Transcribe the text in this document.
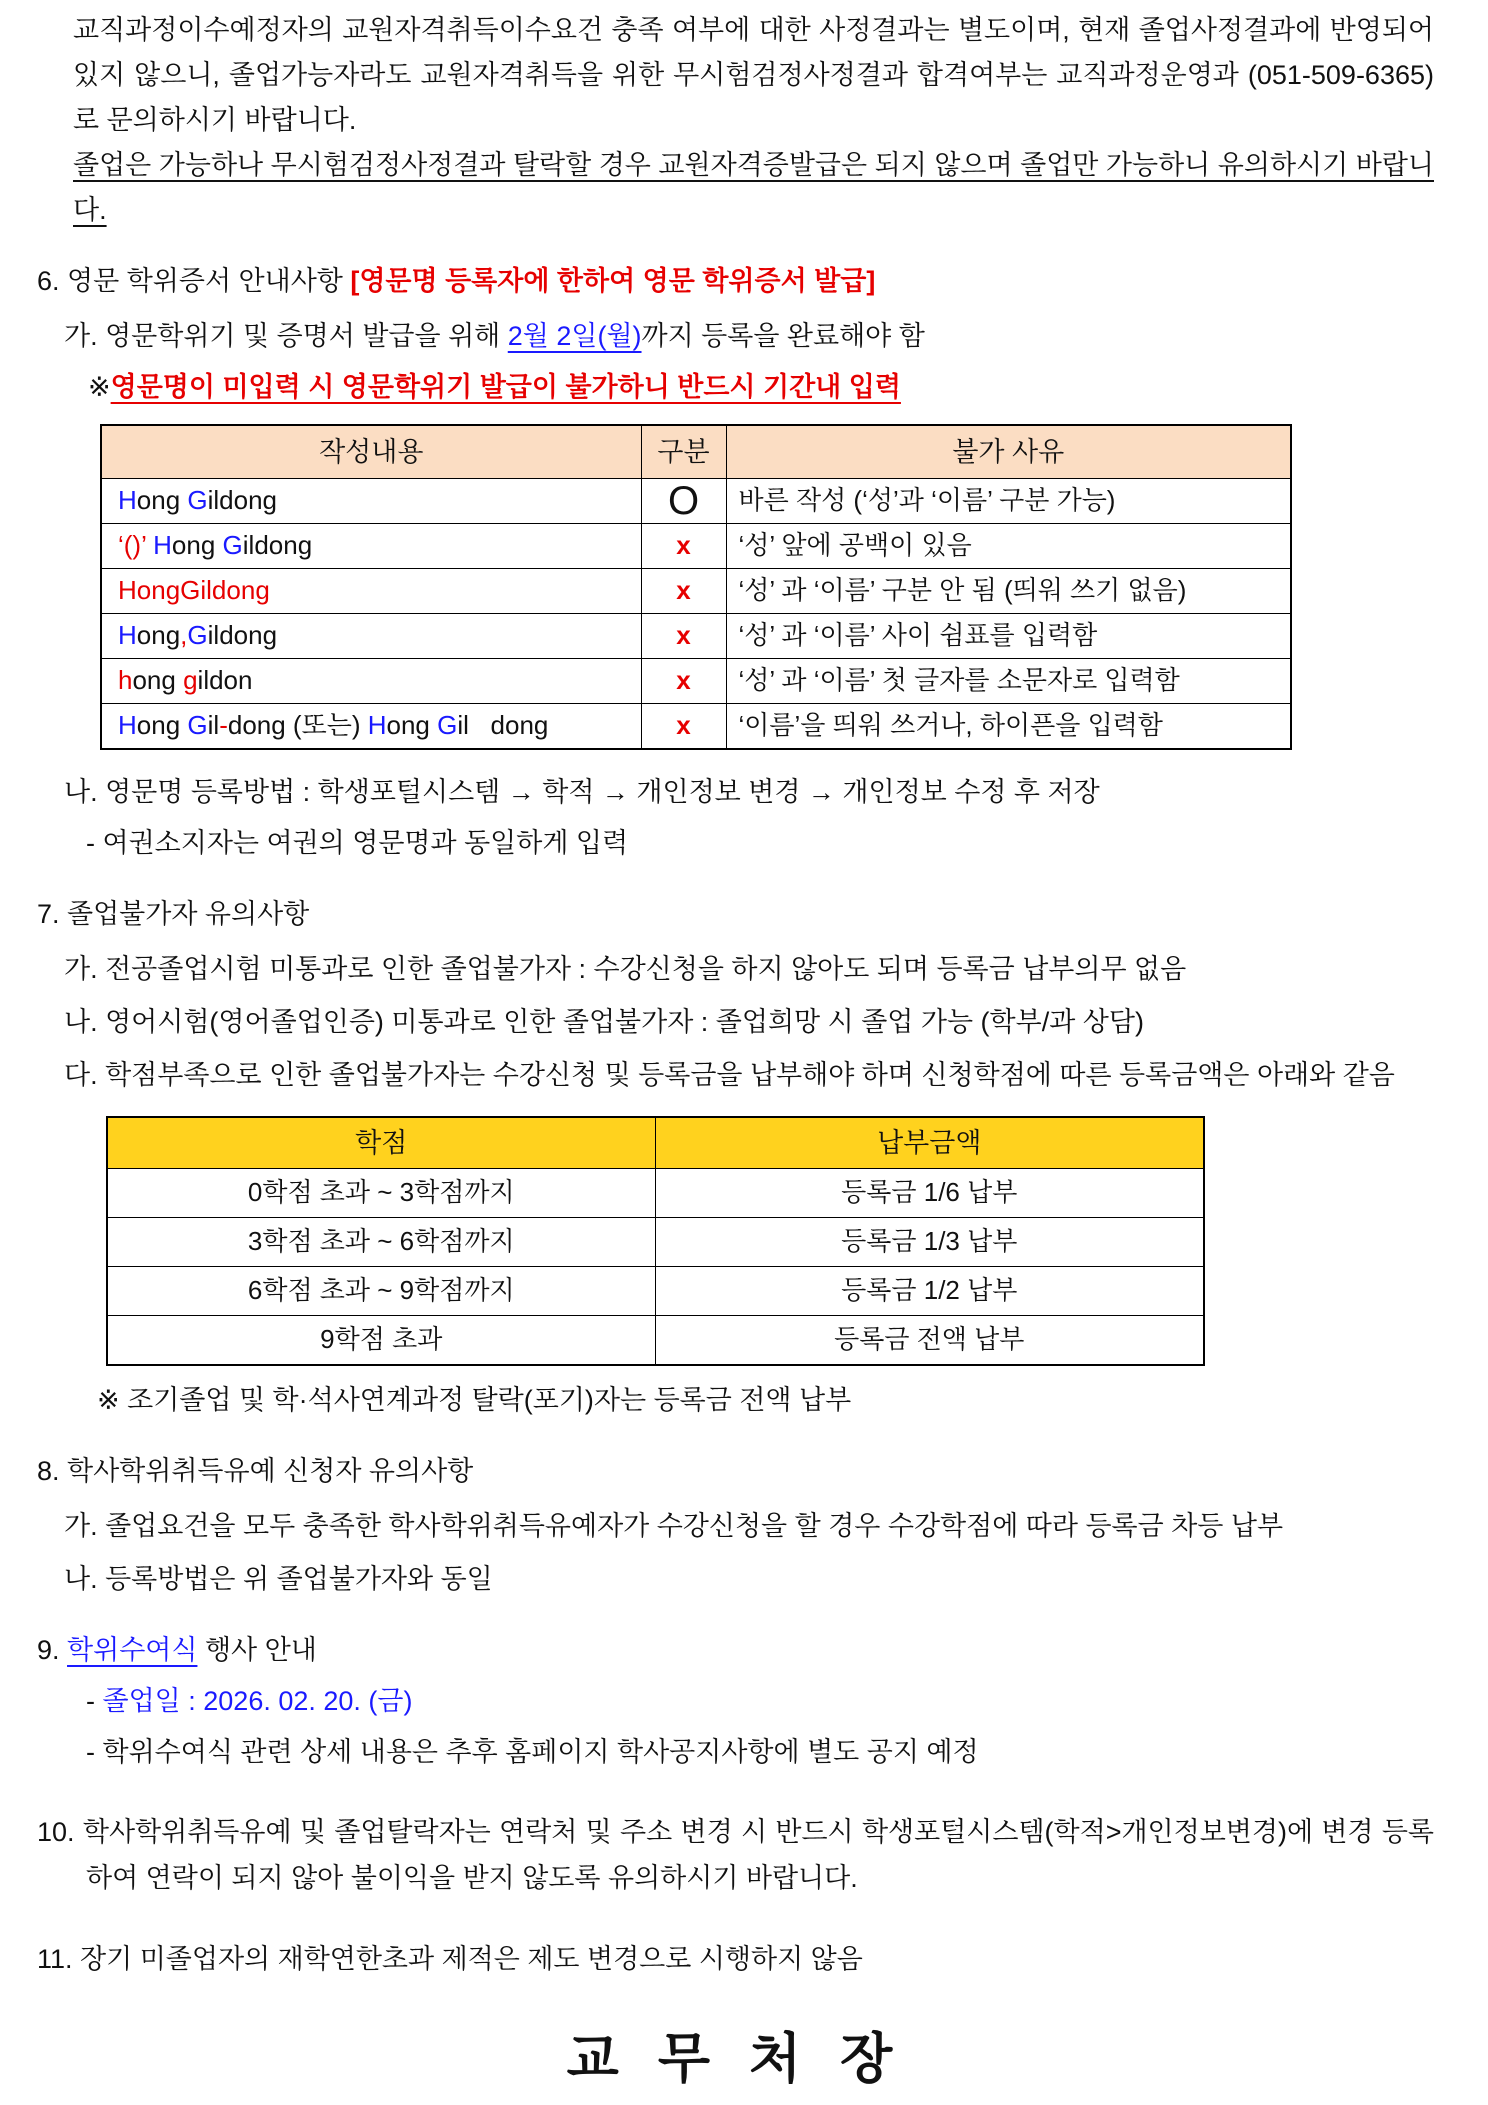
교직과정이수예정자의 교원자격취득이수요건 충족 여부에 대한 사정결과는 별도이며, 현재 졸업사정결과에 반영되어 있지 않으니, 졸업가능자라도 교원자격취득을 위한 무시험검정사정결과 합격여부는 교직과정운영과 (051-509-6365)로 문의하시기 바랍니다.
졸업은 가능하나 무시험검정사정결과 탈락할 경우 교원자격증발급은 되지 않으며 졸업만 가능하니 유의하시기 바랍니다.
6. 영문 학위증서 안내사항 [영문명 등록자에 한하여 영문 학위증서 발급]
가. 영문학위기 및 증명서 발급을 위해 2월 2일(월)까지 등록을 완료해야 함
※영문명이 미입력 시 영문학위기 발급이 불가하니 반드시 기간내 입력
작성내용	구분	불가 사유
Hong Gildong	O	바른 작성 (‘성’과 ‘이름’ 구분 가능)
‘()’ Hong Gildong	x	‘성’ 앞에 공백이 있음
HongGildong	x	‘성’ 과 ‘이름’ 구분 안 됨 (띄워 쓰기 없음)
Hong,Gildong	x	‘성’ 과 ‘이름’ 사이 쉼표를 입력함
hong gildon	x	‘성’ 과 ‘이름’ 첫 글자를 소문자로 입력함
Hong Gil-dong (또는) Hong Gil   dong	x	‘이름’을 띄워 쓰거나, 하이픈을 입력함
나. 영문명 등록방법 : 학생포털시스템 → 학적 → 개인정보 변경 → 개인정보 수정 후 저장
- 여권소지자는 여권의 영문명과 동일하게 입력
7. 졸업불가자 유의사항
가. 전공졸업시험 미통과로 인한 졸업불가자 : 수강신청을 하지 않아도 되며 등록금 납부의무 없음
나. 영어시험(영어졸업인증) 미통과로 인한 졸업불가자 : 졸업희망 시 졸업 가능 (학부/과 상담)
다. 학점부족으로 인한 졸업불가자는 수강신청 및 등록금을 납부해야 하며 신청학점에 따른 등록금액은 아래와 같음
학점	납부금액
0학점 초과 ~ 3학점까지	등록금 1/6 납부
3학점 초과 ~ 6학점까지	등록금 1/3 납부
6학점 초과 ~ 9학점까지	등록금 1/2 납부
9학점 초과	등록금 전액 납부
※ 조기졸업 및 학·석사연계과정 탈락(포기)자는 등록금 전액 납부
8. 학사학위취득유예 신청자 유의사항
가. 졸업요건을 모두 충족한 학사학위취득유예자가 수강신청을 할 경우 수강학점에 따라 등록금 차등 납부
나. 등록방법은 위 졸업불가자와 동일
9. 학위수여식 행사 안내
- 졸업일 : 2026. 02. 20. (금)
- 학위수여식 관련 상세 내용은 추후 홈페이지 학사공지사항에 별도 공지 예정
10. 학사학위취득유예 및 졸업탈락자는 연락처 및 주소 변경 시 반드시 학생포털시스템(학적>개인정보변경)에 변경 등록하여 연락이 되지 않아 불이익을 받지 않도록 유의하시기 바랍니다.
11. 장기 미졸업자의 재학연한초과 제적은 제도 변경으로 시행하지 않음
교 무 처 장
